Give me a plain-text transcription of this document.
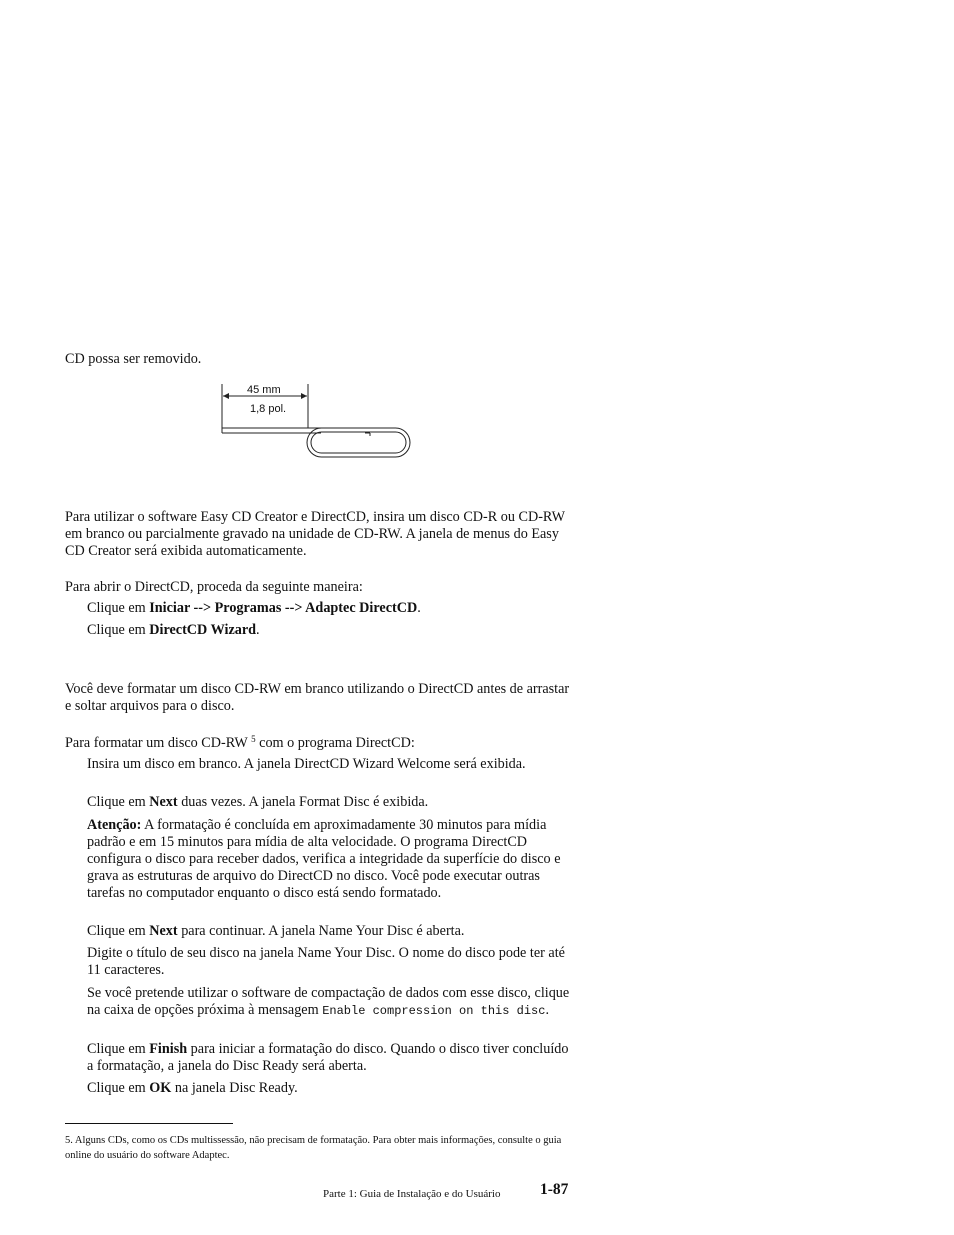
CD possa ser removido.
45 mm
1,8 pol.
Para utilizar o software Easy CD Creator e DirectCD, insira um disco CD-R ou CD-RW em branco ou parcialmente gravado na unidade de CD-RW. A janela de menus do Easy CD Creator será exibida automaticamente.
Para abrir o DirectCD, proceda da seguinte maneira:
Clique em Iniciar --> Programas --> Adaptec DirectCD.
Clique em DirectCD Wizard.
Você deve formatar um disco CD-RW em branco utilizando o DirectCD antes de arrastar e soltar arquivos para o disco.
Para formatar um disco CD-RW $^5$ com o programa DirectCD:
Insira um disco em branco. A janela DirectCD Wizard Welcome será exibida.
Clique em Next duas vezes. A janela Format Disc é exibida.
Atenção: A formatação é concluída em aproximadamente 30 minutos para mídia padrão e em 15 minutos para mídia de alta velocidade. O programa DirectCD configura o disco para receber dados, verifica a integridade da superfície do disco e grava as estruturas de arquivo do DirectCD no disco. Você pode executar outras tarefas no computador enquanto o disco está sendo formatado.
Clique em Next para continuar. A janela Name Your Disc é aberta.
Digite o título de seu disco na janela Name Your Disc. O nome do disco pode ter até 11 caracteres.
Se você pretende utilizar o software de compactação de dados com esse disco, clique na caixa de opções próxima à mensagem Enable compression on this disc.
Clique em Finish para iniciar a formatação do disco. Quando o disco tiver concluído a formatação, a janela do Disc Ready será aberta.
Clique em OK na janela Disc Ready.
5. Alguns CDs, como os CDs multissessão, não precisam de formatação. Para obter mais informações, consulte o guia online do usuário do software Adaptec.
Parte 1: Guia de Instalação e do Usuário	1-87
